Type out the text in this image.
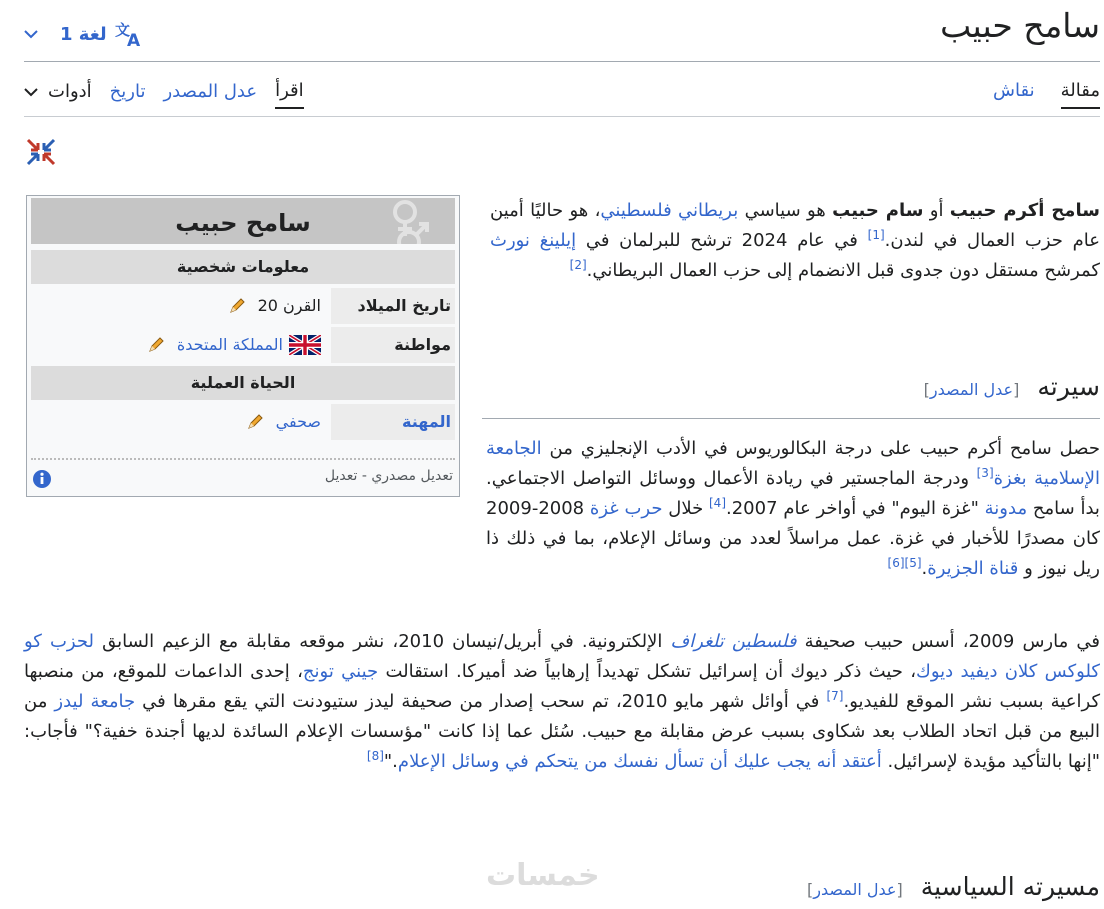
سامح حبيب
1 لغة 文
A
مقالة
نقاش
اقرأ
عدل المصدر
تاريخ
أدوات
سامح حبيب
معلومات شخصية
تاريخ الميلاد
القرن 20
مواطنة
المملكة المتحدة
الحياة العملية
المهنة
صحفي
تعديل مصدري - تعديل
سامح أكرم حبيب أو سام حبيب هو سياسي بريطاني فلسطيني، هو حاليًا أمين عام حزب العمال في لندن.[1] في عام 2024 ترشح للبرلمان في إيلينغ نورث كمرشح مستقل دون جدوى قبل الانضمام إلى حزب العمال البريطاني.[2]
سيرته
[عدل المصدر]
حصل سامح أكرم حبيب على درجة البكالوريوس في الأدب الإنجليزي من الجامعة الإسلامية بغزة[3] ودرجة الماجستير في ريادة الأعمال ووسائل التواصل الاجتماعي. بدأ سامح مدونة "غزة اليوم" في أواخر عام 2007.[4] خلال حرب غزة 2008-2009 كان مصدرًا للأخبار في غزة. عمل مراسلاً لعدد من وسائل الإعلام، بما في ذلك ذا ريل نيوز و قناة الجزيرة.[5][6]
في مارس 2009، أسس حبيب صحيفة فلسطين تلغراف الإلكترونية. في أبريل/نيسان 2010، نشر موقعه مقابلة مع الزعيم السابق لحزب كو كلوكس كلان ديفيد ديوك، حيث ذكر ديوك أن إسرائيل تشكل تهديداً إرهابياً ضد أميركا. استقالت جيني تونج، إحدى الداعمات للموقع، من منصبها كراعية بسبب نشر الموقع للفيديو.[7] في أوائل شهر مايو 2010، تم سحب إصدار من صحيفة ليدز ستيودنت التي يقع مقرها في جامعة ليدز من البيع من قبل اتحاد الطلاب بعد شكاوى بسبب عرض مقابلة مع حبيب. سُئل عما إذا كانت "مؤسسات الإعلام السائدة لديها أجندة خفية؟" فأجاب: "إنها بالتأكيد مؤيدة لإسرائيل. أعتقد أنه يجب عليك أن تسأل نفسك من يتحكم في وسائل الإعلام."[8]
مسيرته السياسية
[عدل المصدر]
خمسات
